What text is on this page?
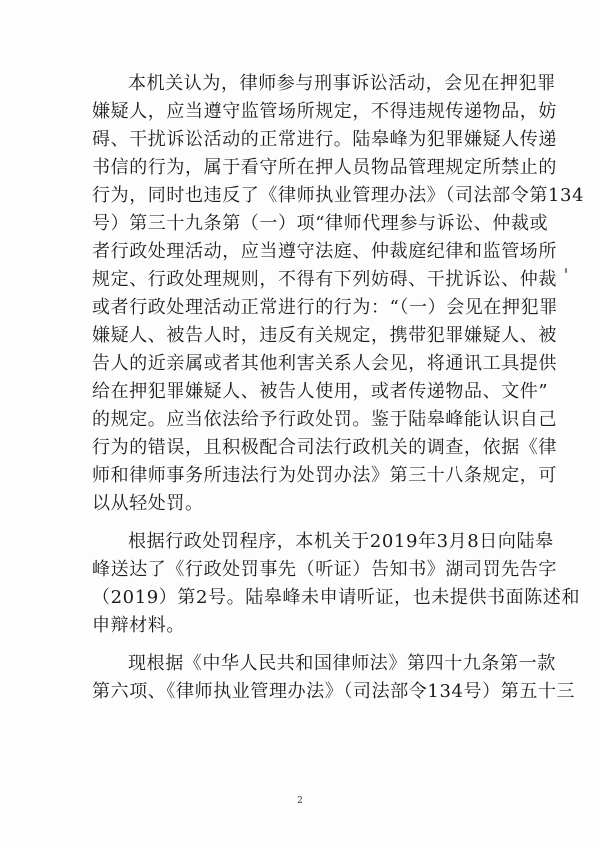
本机关认为，律师参与刑事诉讼活动，会见在押犯罪
嫌疑人，应当遵守监管场所规定，不得违规传递物品，妨
碍、干扰诉讼活动的正常进行。陆皋峰为犯罪嫌疑人传递
书信的行为，属于看守所在押人员物品管理规定所禁止的
行为，同时也违反了《律师执业管理办法》（司法部令第134
号）第三十九条第（一）项“律师代理参与诉讼、仲裁或
者行政处理活动，应当遵守法庭、仲裁庭纪律和监管场所
规定、行政处理规则，不得有下列妨碍、干扰诉讼、仲裁
或者行政处理活动正常进行的行为：“（一）会见在押犯罪
嫌疑人、被告人时，违反有关规定，携带犯罪嫌疑人、被
告人的近亲属或者其他利害关系人会见，将通讯工具提供
给在押犯罪嫌疑人、被告人使用，或者传递物品、文件”
的规定。应当依法给予行政处罚。鉴于陆皋峰能认识自己
行为的错误，且积极配合司法行政机关的调查，依据《律
师和律师事务所违法行为处罚办法》第三十八条规定，可
以从轻处罚。

根据行政处罚程序，本机关于2019年3月8日向陆皋
峰送达了《行政处罚事先（听证）告知书》湖司罚先告字
（2019）第2号。陆皋峰未申请听证，也未提供书面陈述和
申辩材料。

现根据《中华人民共和国律师法》第四十九条第一款
第六项、《律师执业管理办法》（司法部令134号）第五十三

2
